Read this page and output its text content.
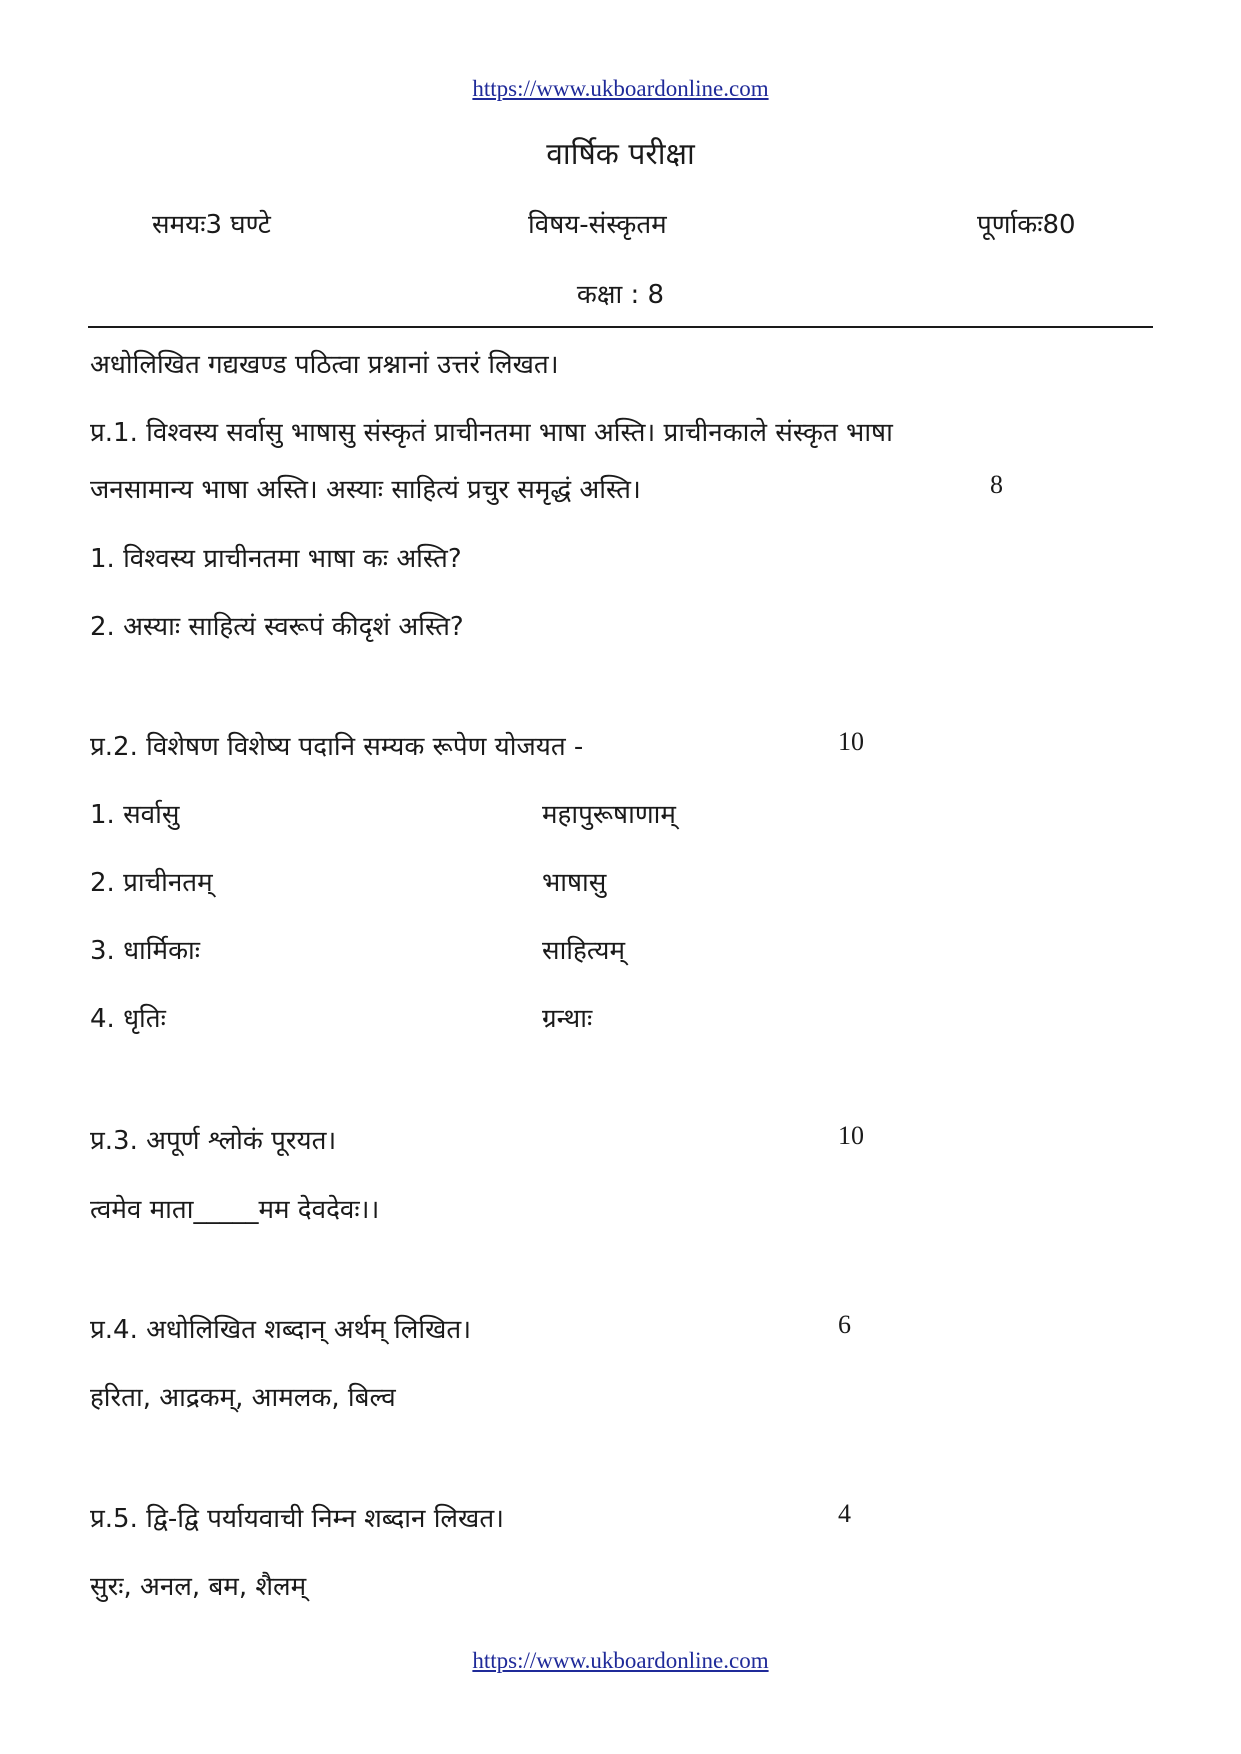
https://www.ukboardonline.com
वार्षिक परीक्षा
समयः3 घण्टे	विषय-संस्कृतम	पूर्णाकः80
कक्षा : 8
अधोलिखित गद्यखण्ड पठित्वा प्रश्नानां उत्तरं लिखत।
प्र.1. विश्वस्य सर्वासु भाषासु संस्कृतं प्राचीनतमा भाषा अस्ति। प्राचीनकाले संस्कृत भाषा
जनसामान्य भाषा अस्ति। अस्याः साहित्यं प्रचुर समृद्धं अस्ति।	8
1. विश्वस्य प्राचीनतमा भाषा कः अस्ति?
2. अस्याः साहित्यं स्वरूपं कीदृशं अस्ति?
प्र.2. विशेषण विशेष्य पदानि सम्यक रूपेण योजयत -	10
1. सर्वासु	महापुरूषाणाम्
2. प्राचीनतम्	भाषासु
3. धार्मिकाः	साहित्यम्
4. धृतिः	ग्रन्थाः
प्र.3. अपूर्ण श्लोकं पूरयत।	10
त्वमेव माता_____मम देवदेवः।।
प्र.4. अधोलिखित शब्दान् अर्थम् लिखित।	6
हरिता, आद्रकम्, आमलक, बिल्व
प्र.5. द्वि-द्वि पर्यायवाची निम्न शब्दान लिखत।	4
सुरः, अनल, बम, शैलम्
https://www.ukboardonline.com
